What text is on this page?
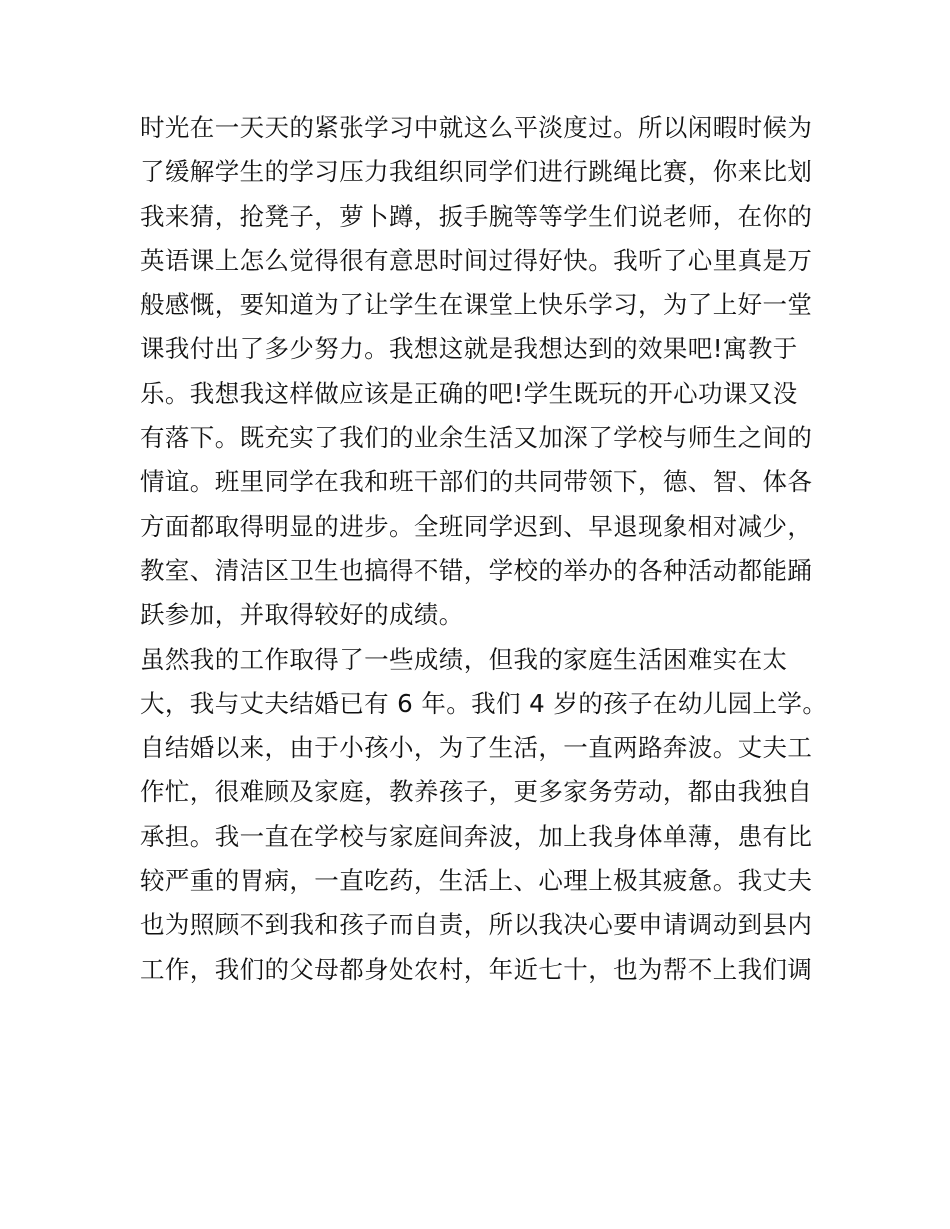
时光在一天天的紧张学习中就这么平淡度过。所以闲暇时候为
了缓解学生的学习压力我组织同学们进行跳绳比赛，你来比划
我来猜，抢凳子，萝卜蹲，扳手腕等等学生们说老师，在你的
英语课上怎么觉得很有意思时间过得好快。我听了心里真是万
般感慨，要知道为了让学生在课堂上快乐学习，为了上好一堂
课我付出了多少努力。我想这就是我想达到的效果吧!寓教于
乐。我想我这样做应该是正确的吧!学生既玩的开心功课又没
有落下。既充实了我们的业余生活又加深了学校与师生之间的
情谊。班里同学在我和班干部们的共同带领下，德、智、体各
方面都取得明显的进步。全班同学迟到、早退现象相对减少，
教室、清洁区卫生也搞得不错，学校的举办的各种活动都能踊
跃参加，并取得较好的成绩。
虽然我的工作取得了一些成绩，但我的家庭生活困难实在太
大，我与丈夫结婚已有 6 年。我们 4 岁的孩子在幼儿园上学。
自结婚以来，由于小孩小，为了生活，一直两路奔波。丈夫工
作忙，很难顾及家庭，教养孩子，更多家务劳动，都由我独自
承担。我一直在学校与家庭间奔波，加上我身体单薄，患有比
较严重的胃病，一直吃药，生活上、心理上极其疲惫。我丈夫
也为照顾不到我和孩子而自责，所以我决心要申请调动到县内
工作，我们的父母都身处农村，年近七十，也为帮不上我们调
